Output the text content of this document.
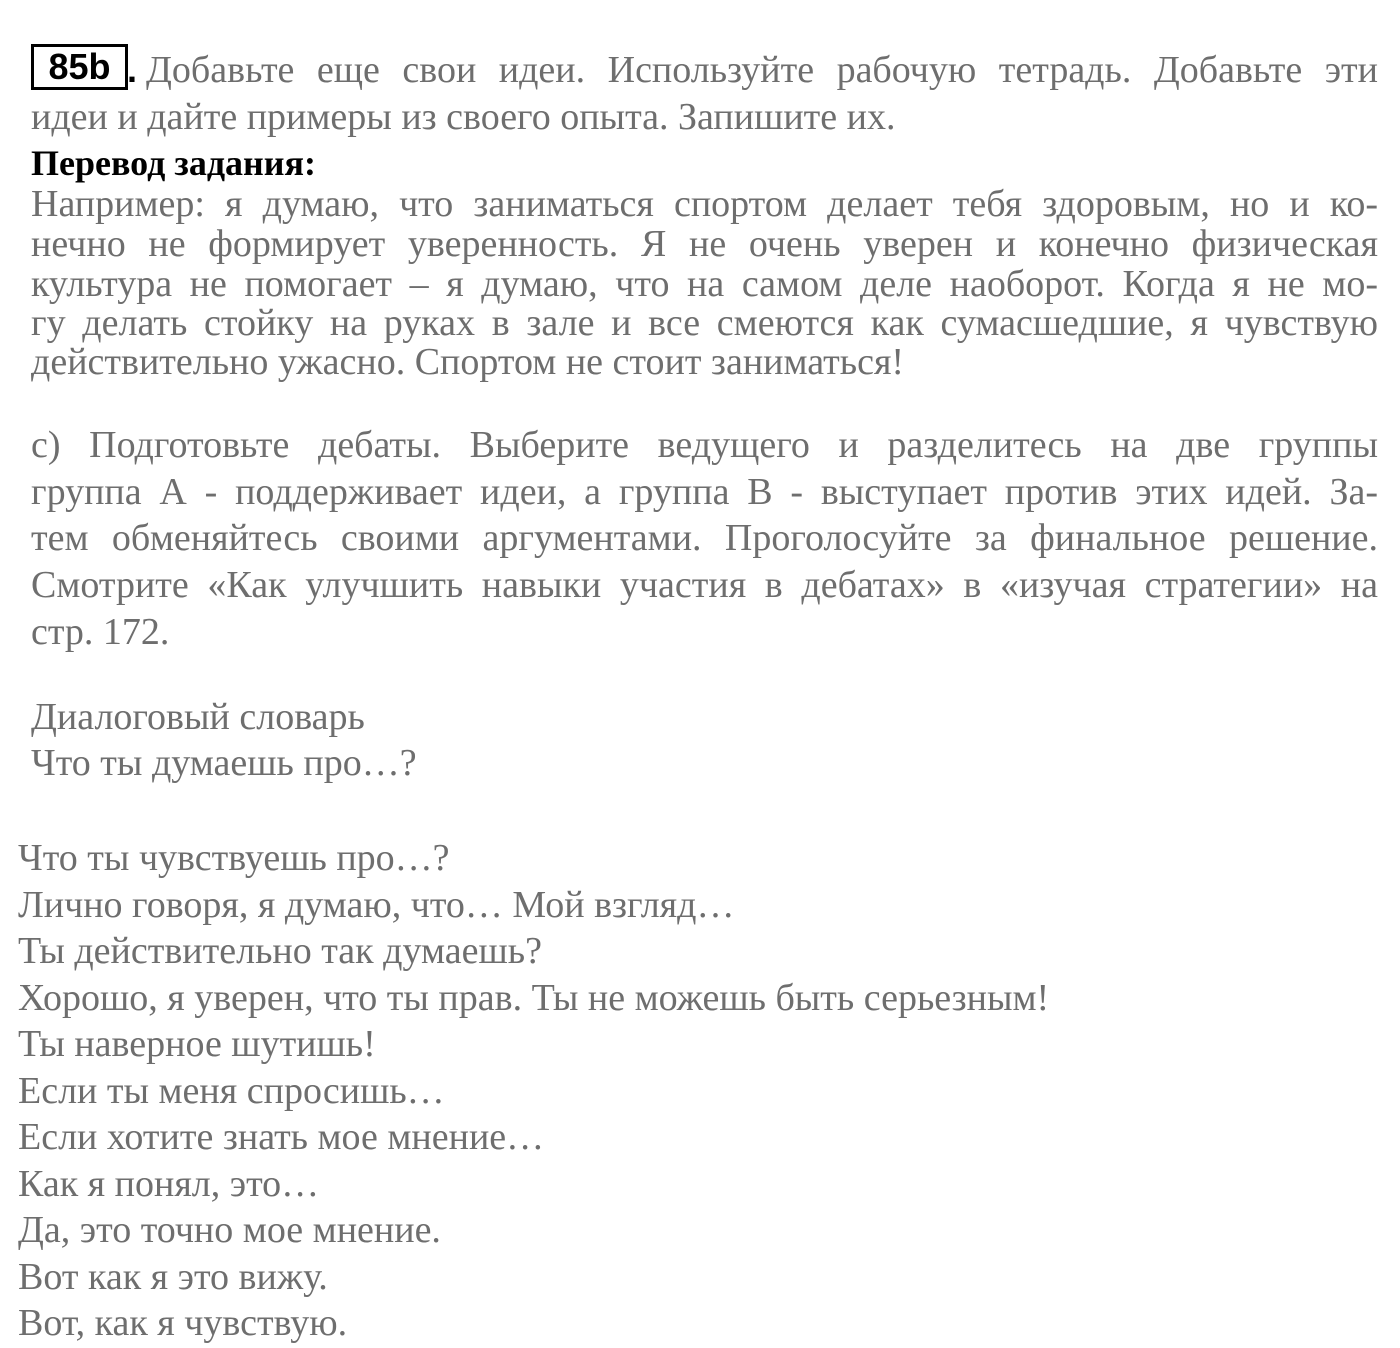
85b . Добавьте еще свои идеи. Используйте рабочую тетрадь. Добавьте эти
идеи и дайте примеры из своего опыта. Запишите их.
Перевод задания:
Например: я думаю, что заниматься спортом делает тебя здоровым, но и ко-
нечно не формирует уверенность. Я не очень уверен и конечно физическая
культура не помогает – я думаю, что на самом деле наоборот. Когда я не мо-
гу делать стойку на руках в зале и все смеются как сумасшедшие, я чувствую
действительно ужасно. Спортом не стоит заниматься!
c) Подготовьте дебаты. Выберите ведущего и разделитесь на две группы
группа А - поддерживает идеи, а группа B - выступает против этих идей. За-
тем обменяйтесь своими аргументами. Проголосуйте за финальное решение.
Смотрите «Как улучшить навыки участия в дебатах» в «изучая стратегии» на
стр. 172.
Диалоговый словарь
Что ты думаешь про…?
Что ты чувствуешь про…?
Лично говоря, я думаю, что… Мой взгляд…
Ты действительно так думаешь?
Хорошо, я уверен, что ты прав. Ты не можешь быть серьезным!
Ты наверное шутишь!
Если ты меня спросишь…
Если хотите знать мое мнение…
Как я понял, это…
Да, это точно мое мнение.
Вот как я это вижу.
Вот, как я чувствую.
